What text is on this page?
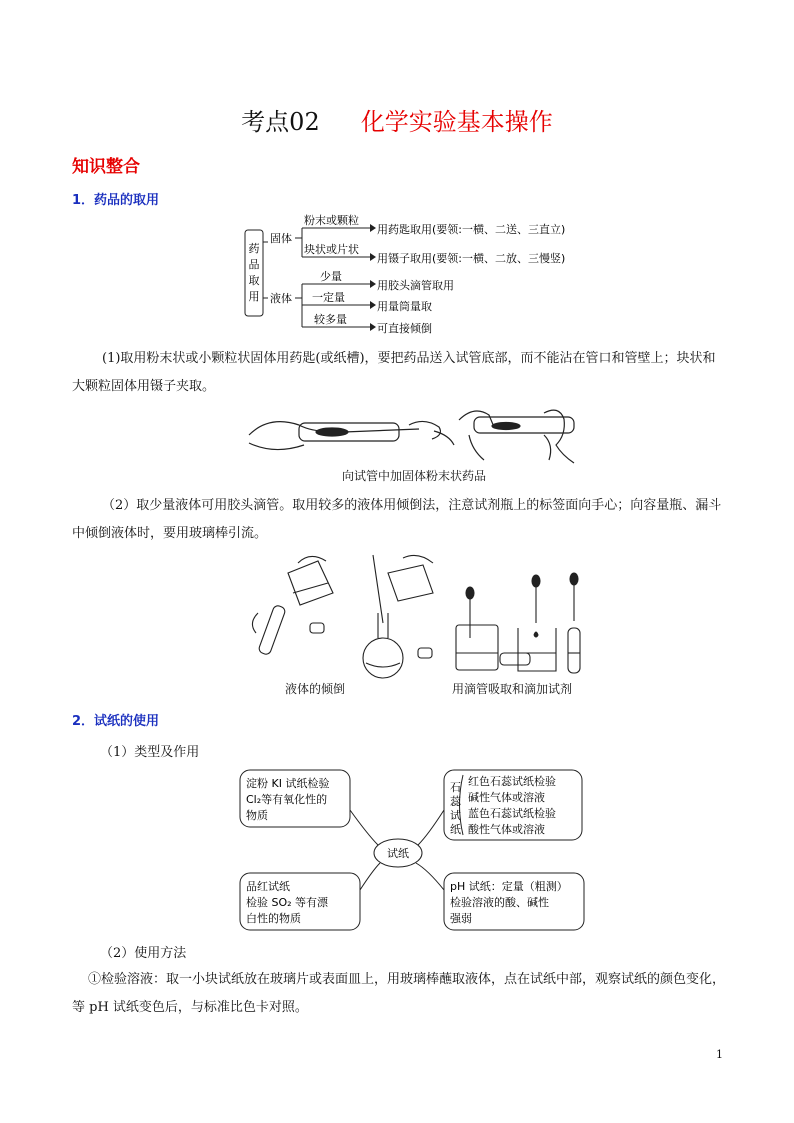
考点02 化学实验基本操作
知识整合
1．药品的取用
药
品
取
用
固体
液体
粉末或颗粒
块状或片状
用药匙取用(要领:一横、二送、三直立)
用镊子取用(要领:一横、二放、三慢竖)
少量
一定量
较多量
用胶头滴管取用
用量筒量取
可直接倾倒
(1)取用粉末状或小颗粒状固体用药匙(或纸槽)，要把药品送入试管底部，而不能沾在管口和管壁上；块状和大颗粒固体用镊子夹取。
向试管中加固体粉末状药品
（2）取少量液体可用胶头滴管。取用较多的液体用倾倒法，注意试剂瓶上的标签面向手心；向容量瓶、漏斗中倾倒液体时，要用玻璃棒引流。
液体的倾倒	用滴管吸取和滴加试剂
2．试纸的使用
（1）类型及作用
试纸
淀粉 KI 试纸检验
Cl₂等有氧化性的
物质
石
蕊
试
纸
红色石蕊试纸检验
碱性气体或溶液
蓝色石蕊试纸检验
酸性气体或溶液
品红试纸
检验 SO₂ 等有漂
白性的物质
pH 试纸：定量（粗测）
检验溶液的酸、碱性
强弱
（2）使用方法
①检验溶液：取一小块试纸放在玻璃片或表面皿上，用玻璃棒蘸取液体，点在试纸中部，观察试纸的颜色变化，等 pH 试纸变色后，与标准比色卡对照。
1
